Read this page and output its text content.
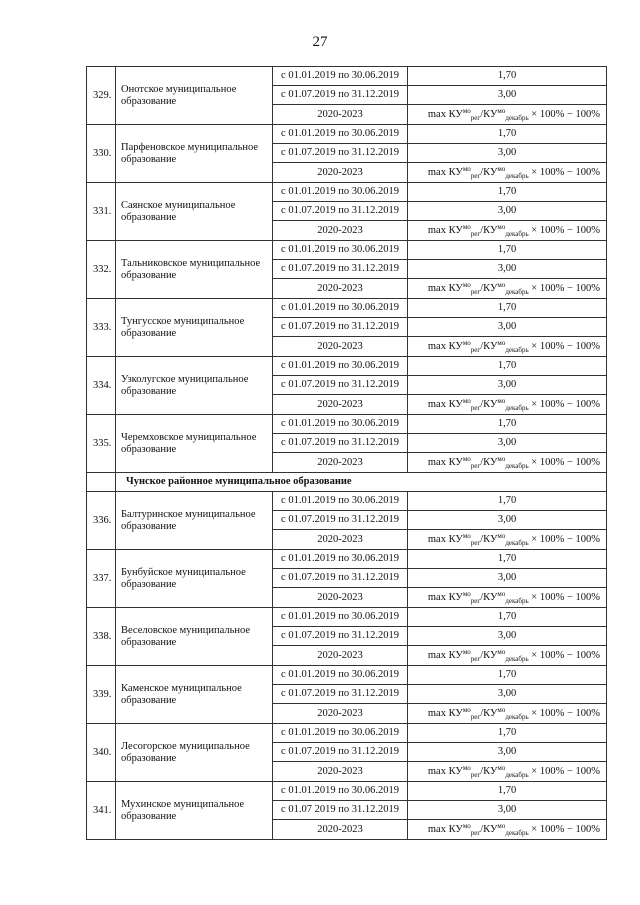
27
329.	Онотское муниципальное образование	с 01.01.2019 по 30.06.2019	1,70
		с 01.07.2019 по 31.12.2019	3,00
		2020-2023	$\max КУ^{мо}_{рег}/КУ^{мо}_{декабрь} \times 100\% - 100\%$
330.	Парфеновское муниципальное образование	с 01.01.2019 по 30.06.2019	1,70
		с 01.07.2019 по 31.12.2019	3,00
		2020-2023	$\max КУ^{мо}_{рег}/КУ^{мо}_{декабрь} \times 100\% - 100\%$
331.	Саянское муниципальное образование	с 01.01.2019 по 30.06.2019	1,70
		с 01.07.2019 по 31.12.2019	3,00
		2020-2023	$\max КУ^{мо}_{рег}/КУ^{мо}_{декабрь} \times 100\% - 100\%$
332.	Тальниковское муниципальное образование	с 01.01.2019 по 30.06.2019	1,70
		с 01.07.2019 по 31.12.2019	3,00
		2020-2023	$\max КУ^{мо}_{рег}/КУ^{мо}_{декабрь} \times 100\% - 100\%$
333.	Тунгусское муниципальное образование	с 01.01.2019 по 30.06.2019	1,70
		с 01.07.2019 по 31.12.2019	3,00
		2020-2023	$\max КУ^{мо}_{рег}/КУ^{мо}_{декабрь} \times 100\% - 100\%$
334.	Узколугское муниципальное образование	с 01.01.2019 по 30.06.2019	1,70
		с 01.07.2019 по 31.12.2019	3,00
		2020-2023	$\max КУ^{мо}_{рег}/КУ^{мо}_{декабрь} \times 100\% - 100\%$
335.	Черемховское муниципальное образование	с 01.01.2019 по 30.06.2019	1,70
		с 01.07.2019 по 31.12.2019	3,00
		2020-2023	$\max КУ^{мо}_{рег}/КУ^{мо}_{декабрь} \times 100\% - 100\%$
	Чунское районное муниципальное образование		
336.	Балтуринское муниципальное образование	с 01.01.2019 по 30.06.2019	1,70
		с 01.07.2019 по 31.12.2019	3,00
		2020-2023	$\max КУ^{мо}_{рег}/КУ^{мо}_{декабрь} \times 100\% - 100\%$
337.	Бунбуйское муниципальное образование	с 01.01.2019 по 30.06.2019	1,70
		с 01.07.2019 по 31.12.2019	3,00
		2020-2023	$\max КУ^{мо}_{рег}/КУ^{мо}_{декабрь} \times 100\% - 100\%$
338.	Веселовское муниципальное образование	с 01.01.2019 по 30.06.2019	1,70
		с 01.07.2019 по 31.12.2019	3,00
		2020-2023	$\max КУ^{мо}_{рег}/КУ^{мо}_{декабрь} \times 100\% - 100\%$
339.	Каменское муниципальное образование	с 01.01.2019 по 30.06.2019	1,70
		с 01.07.2019 по 31.12.2019	3,00
		2020-2023	$\max КУ^{мо}_{рег}/КУ^{мо}_{декабрь} \times 100\% - 100\%$
340.	Лесогорское муниципальное образование	с 01.01.2019 по 30.06.2019	1,70
		с 01.07.2019 по 31.12.2019	3,00
		2020-2023	$\max КУ^{мо}_{рег}/КУ^{мо}_{декабрь} \times 100\% - 100\%$
341.	Мухинское муниципальное образование	с 01.01.2019 по 30.06.2019	1,70
		с 01.07 2019 по 31.12.2019	3,00
		2020-2023	$\max КУ^{мо}_{рег}/КУ^{мо}_{декабрь} \times 100\% - 100\%$
